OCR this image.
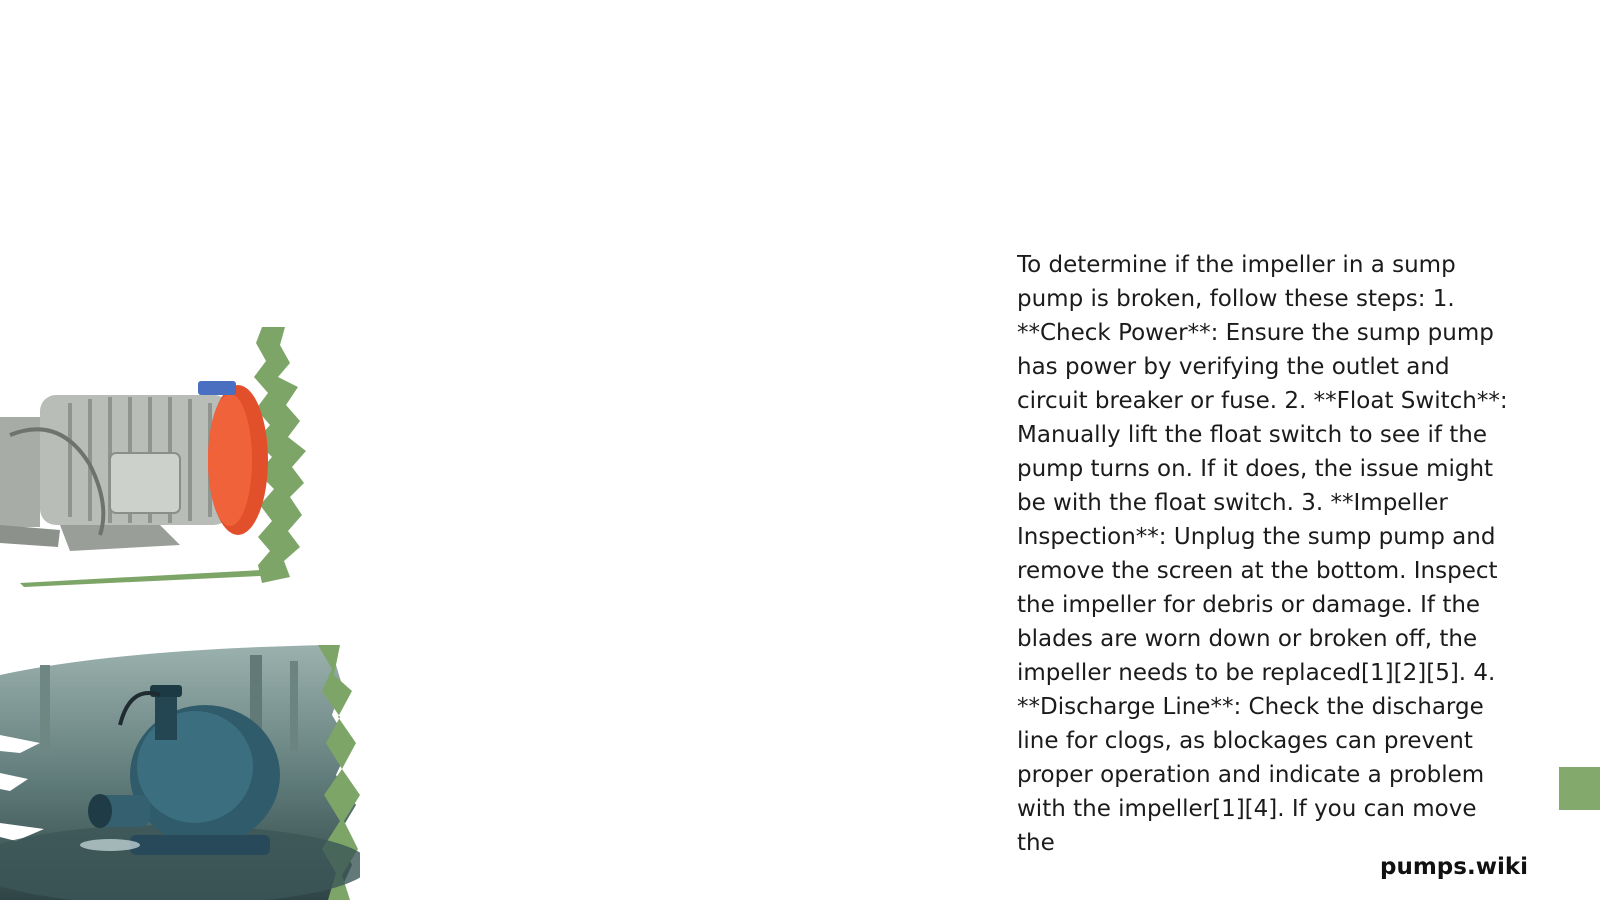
To determine if the impeller in a sump pump is broken, follow these steps: 1. **Check Power**: Ensure the sump pump has power by verifying the outlet and circuit breaker or fuse. 2. **Float Switch**: Manually lift the float switch to see if the pump turns on. If it does, the issue might be with the float switch. 3. **Impeller Inspection**: Unplug the sump pump and remove the screen at the bottom. Inspect the impeller for debris or damage. If the blades are worn down or broken off, the impeller needs to be replaced[1][2][5]. 4. **Discharge Line**: Check the discharge line for clogs, as blockages can prevent proper operation and indicate a problem with the impeller[1][4]. If you can move the
pumps.wiki
